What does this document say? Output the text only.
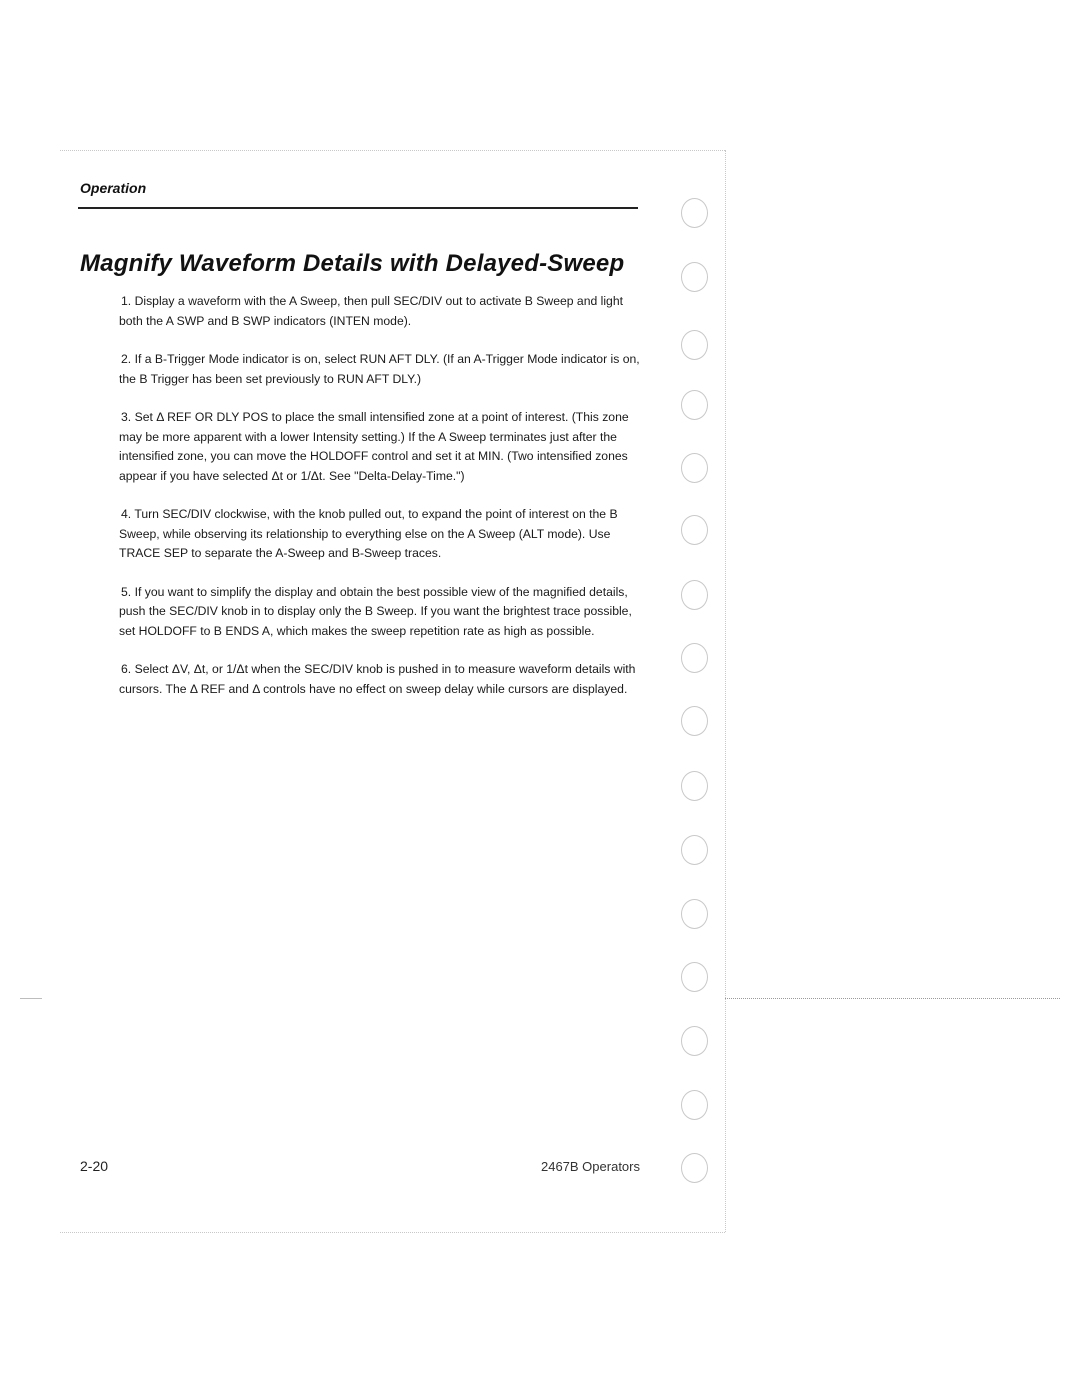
Operation
Magnify Waveform Details with Delayed-Sweep

1. Display a waveform with the A Sweep, then pull SEC/DIV out to activate B Sweep and light both the A SWP and B SWP indicators (INTEN mode).

2. If a B-Trigger Mode indicator is on, select RUN AFT DLY. (If an A-Trigger Mode indicator is on, the B Trigger has been set previously to RUN AFT DLY.)

3. Set Δ REF OR DLY POS to place the small intensified zone at a point of interest. (This zone may be more apparent with a lower Intensity setting.) If the A Sweep terminates just after the intensified zone, you can move the HOLDOFF control and set it at MIN. (Two intensified zones appear if you have selected Δt or 1/Δt. See "Delta-Delay-Time.")

4. Turn SEC/DIV clockwise, with the knob pulled out, to expand the point of interest on the B Sweep, while observing its relationship to everything else on the A Sweep (ALT mode). Use TRACE SEP to separate the A-Sweep and B-Sweep traces.

5. If you want to simplify the display and obtain the best possible view of the magnified details, push the SEC/DIV knob in to display only the B Sweep. If you want the brightest trace possible, set HOLDOFF to B ENDS A, which makes the sweep repetition rate as high as possible.

6. Select ΔV, Δt, or 1/Δt when the SEC/DIV knob is pushed in to measure waveform details with cursors. The Δ REF and Δ controls have no effect on sweep delay while cursors are displayed.

2-20	2467B Operators
